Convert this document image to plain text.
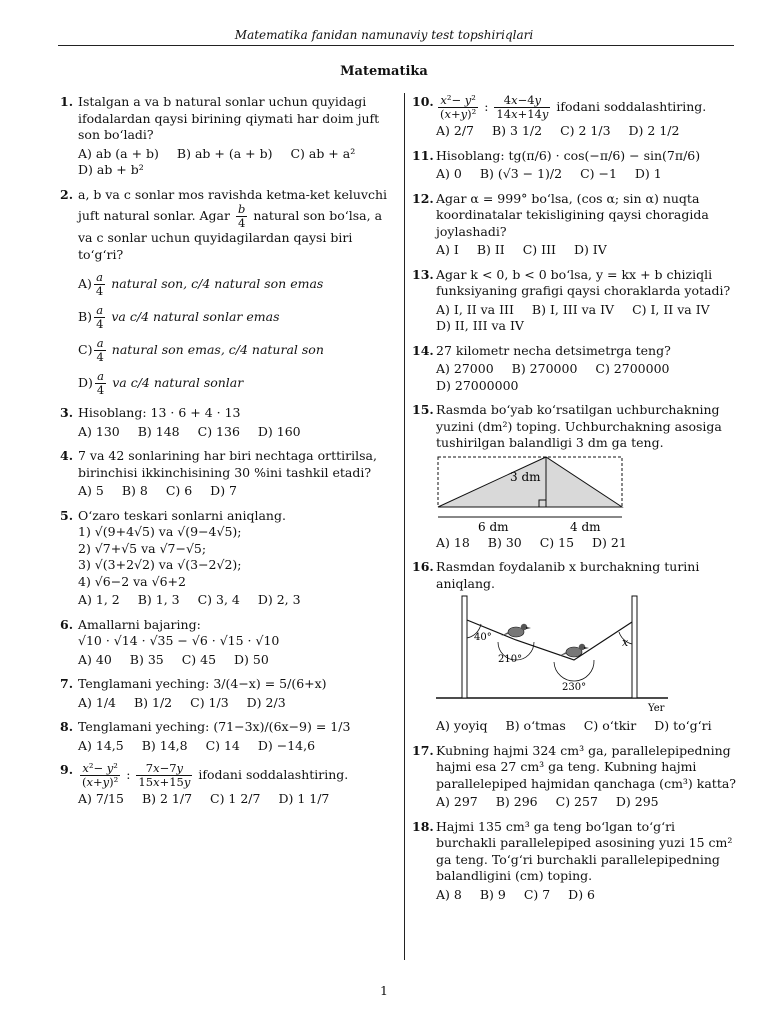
Matematika fanidan namunaviy test topshiriqlari
Matematika
1. Istalgan a va b natural sonlar uchun quyidagi ifodalardan qaysi birining qiymati har doim juft son bo‘ladi?
A) ab (a + b) B) ab + (a + b) C) ab + a²
D) ab + b²
2. a, b va c sonlar mos ravishda ketma-ket keluvchi juft natural sonlar. Agar $\frac{b}{4}$ natural son bo‘lsa, a va c sonlar uchun quyidagilardan qaysi biri to‘g‘ri?
$A) \frac{a}{4}$ natural son, c/4 natural son emas
$B) \frac{a}{4}$ va c/4 natural sonlar emas
$C) \frac{a}{4}$ natural son emas, c/4 natural son
$D) \frac{a}{4}$ va c/4 natural sonlar
3. Hisoblang: 13 · 6 + 4 · 13
A) 130 B) 148 C) 136 D) 160
4. 7 va 42 sonlarining har biri nechtaga orttirilsa, birinchisi ikkinchisining 30 %ini tashkil etadi?
A) 5 B) 8 C) 6 D) 7
5. O‘zaro teskari sonlarni aniqlang.
1) √(9+4√5) va √(9−4√5);
2) √7+√5 va √7−√5;
3) √(3+2√2) va √(3−2√2);
4) √6−2 va √6+2
A) 1, 2 B) 1, 3 C) 3, 4 D) 2, 3
6. Amallarni bajaring:
√10 · √14 · √35 − √6 · √15 · √10
A) 40 B) 35 C) 45 D) 50
7. Tenglamani yeching: 3/(4−x) = 5/(6+x)
A) 1/4 B) 1/2 C) 1/3 D) 2/3
8. Tenglamani yeching: (71−3x)/(6x−9) = 1/3
A) 14,5 B) 14,8 C) 14 D) −14,6
9. $\frac{\text{x²− y²}}{\text{(x+y)²}}$ : $\frac{7x-7y}{15x+15y}$ ifodani soddalashtiring.
A) 7/15 B) 2 1/7 C) 1 2/7 D) 1 1/7
10. $\frac{\text{x²− y²}}{\text{(x+y)²}}$ : $\frac{4x-4y}{14x+14y}$ ifodani soddalashtiring.
A) 2/7 B) 3 1/2 C) 2 1/3 D) 2 1/2
11. Hisoblang: tg(π/6) · cos(−π/6) − sin(7π/6)
A) 0 B) (√3 − 1)/2 C) −1 D) 1
12. Agar α = 999° bo‘lsa, (cos α; sin α) nuqta koordinatalar tekisligining qaysi choragida joylashadi?
A) I B) II C) III D) IV
13. Agar k < 0, b < 0 bo‘lsa, y = kx + b chiziqli funksiyaning grafigi qaysi choraklarda yotadi?
A) I, II va III B) I, III va IV C) I, II va IV
D) II, III va IV
14. 27 kilometr necha detsimetrga teng?
A) 27000 B) 270000 C) 2700000
D) 27000000
15. Rasmda bo‘yab ko‘rsatilgan uchburchakning yuzini (dm²) toping. Uchburchakning asosiga tushirilgan balandligi 3 dm ga teng.
3 dm
6 dm	4 dm
A) 18 B) 30 C) 15 D) 21
16. Rasmdan foydalanib x burchakning turini aniqlang.
40°
210°
230°
x
Yer
A) yoyiq B) o‘tmas C) o‘tkir D) to‘g‘ri
17. Kubning hajmi 324 cm³ ga, parallelepipedning hajmi esa 27 cm³ ga teng. Kubning hajmi parallelepiped hajmidan qanchaga (cm³) katta?
A) 297 B) 296 C) 257 D) 295
18. Hajmi 135 cm³ ga teng bo‘lgan to‘g‘ri burchakli parallelepiped asosining yuzi 15 cm² ga teng. To‘g‘ri burchakli parallelepipedning balandligini (cm) toping.
A) 8 B) 9 C) 7 D) 6
1
